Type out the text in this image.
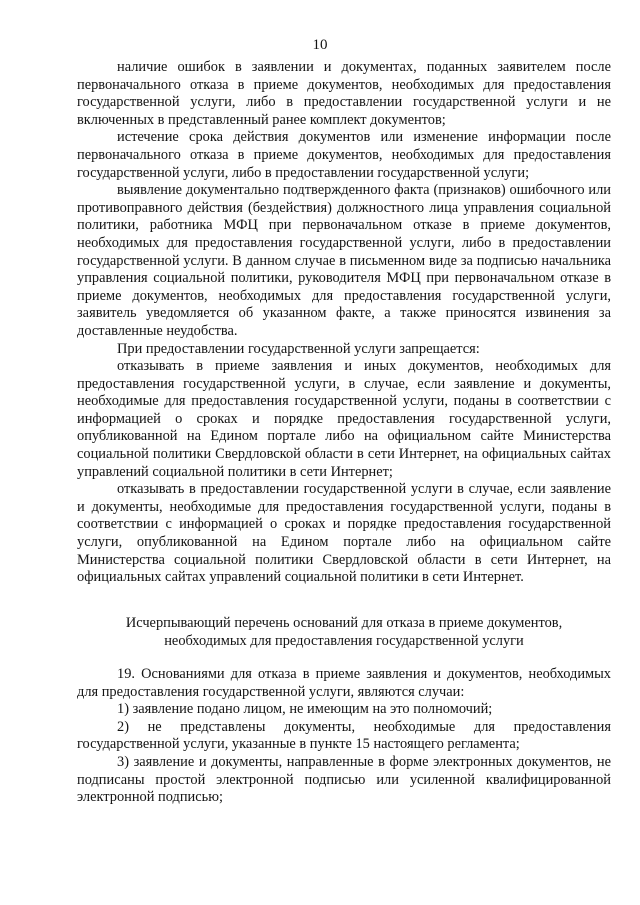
10

наличие ошибок в заявлении и документах, поданных заявителем после первоначального отказа в приеме документов, необходимых для предоставления государственной услуги, либо в предоставлении государственной услуги и не включенных в представленный ранее комплект документов;

истечение срока действия документов или изменение информации после первоначального отказа в приеме документов, необходимых для предоставления государственной услуги, либо в предоставлении государственной услуги;

выявление документально подтвержденного факта (признаков) ошибочного или противоправного действия (бездействия) должностного лица управления социальной политики, работника МФЦ при первоначальном отказе в приеме документов, необходимых для предоставления государственной услуги, либо в предоставлении государственной услуги. В данном случае в письменном виде за подписью начальника управления социальной политики, руководителя МФЦ при первоначальном отказе в приеме документов, необходимых для предоставления государственной услуги, заявитель уведомляется об указанном факте, а также приносятся извинения за доставленные неудобства.

При предоставлении государственной услуги запрещается:

отказывать в приеме заявления и иных документов, необходимых для предоставления государственной услуги, в случае, если заявление и документы, необходимые для предоставления государственной услуги, поданы в соответствии с информацией о сроках и порядке предоставления государственной услуги, опубликованной на Едином портале либо на официальном сайте Министерства социальной политики Свердловской области в сети Интернет, на официальных сайтах управлений социальной политики в сети Интернет;

отказывать в предоставлении государственной услуги в случае, если заявление и документы, необходимые для предоставления государственной услуги, поданы в соответствии с информацией о сроках и порядке предоставления государственной услуги, опубликованной на Едином портале либо на официальном сайте Министерства социальной политики Свердловской области в сети Интернет, на официальных сайтах управлений социальной политики в сети Интернет.

Исчерпывающий перечень оснований для отказа в приеме документов,
необходимых для предоставления государственной услуги

19. Основаниями для отказа в приеме заявления и документов, необходимых для предоставления государственной услуги, являются случаи:

1) заявление подано лицом, не имеющим на это полномочий;

2) не представлены документы, необходимые для предоставления государственной услуги, указанные в пункте 15 настоящего регламента;

3) заявление и документы, направленные в форме электронных документов, не подписаны простой электронной подписью или усиленной квалифицированной электронной подписью;
